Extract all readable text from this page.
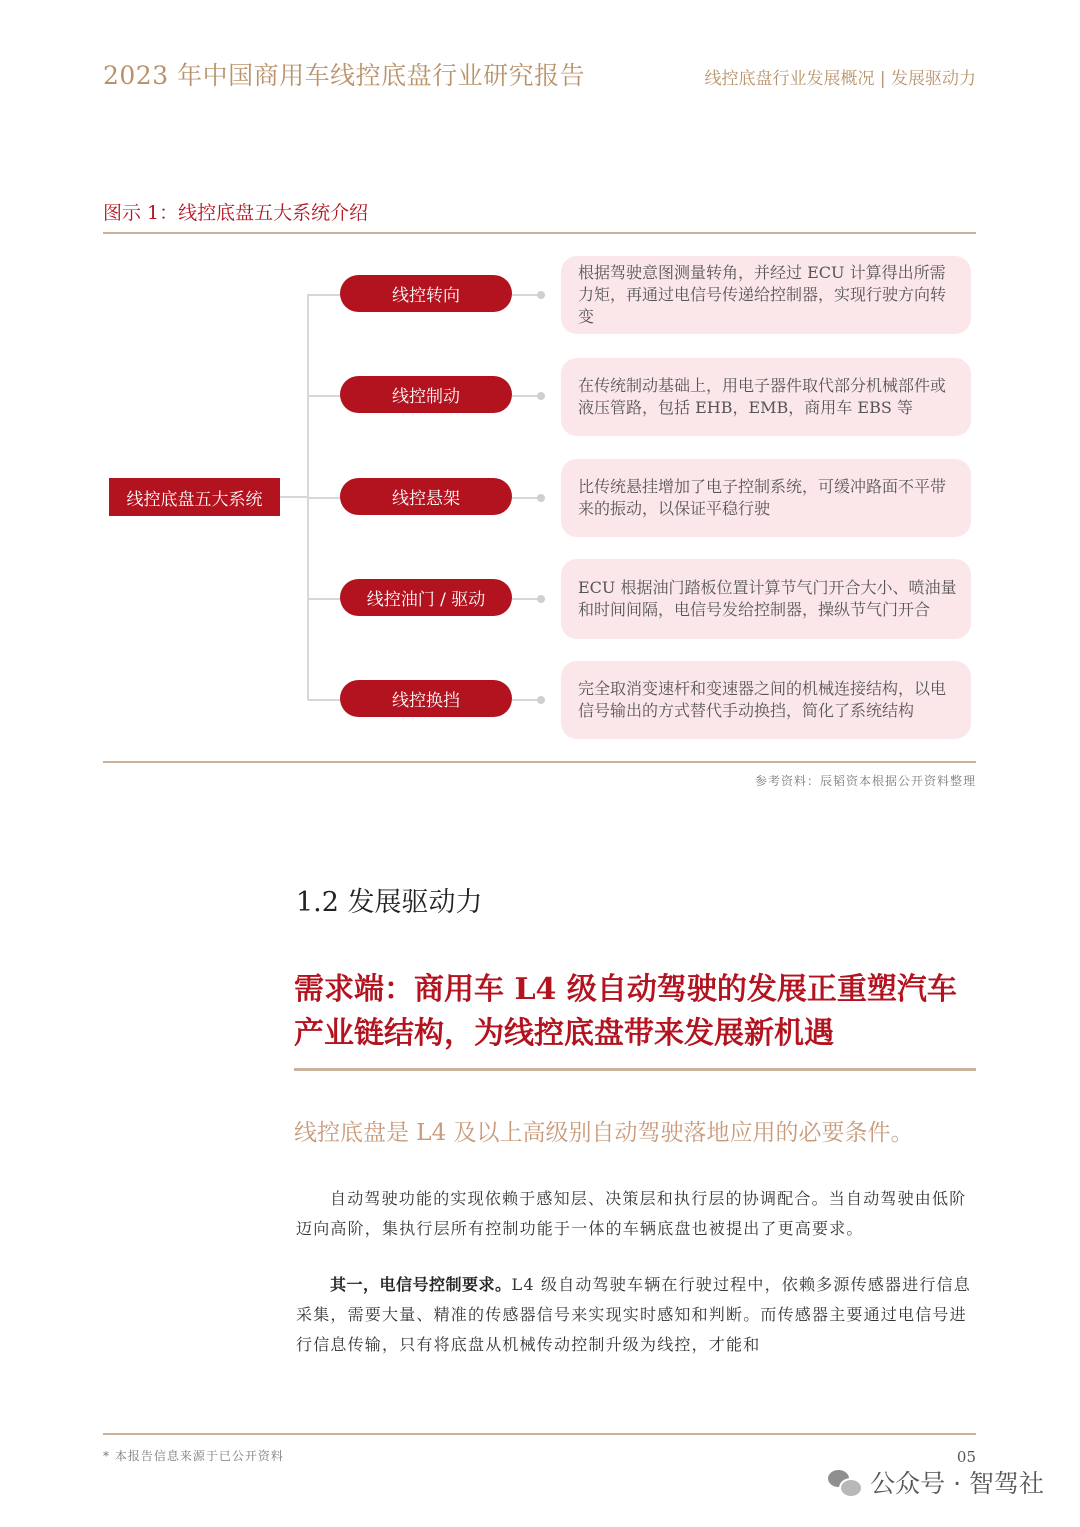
2023 年中国商用车线控底盘行业研究报告	线控底盘行业发展概况 | 发展驱动力
图示 1：线控底盘五大系统介绍
线控底盘五大系统
线控转向
根据驾驶意图测量转角，并经过 ECU 计算得出所需力矩，再通过电信号传递给控制器，实现行驶方向转变
线控制动
在传统制动基础上，用电子器件取代部分机械部件或液压管路，包括 EHB，EMB，商用车 EBS 等
线控悬架
比传统悬挂增加了电子控制系统，可缓冲路面不平带来的振动，以保证平稳行驶
线控油门 / 驱动
ECU 根据油门踏板位置计算节气门开合大小、喷油量和时间间隔，电信号发给控制器，操纵节气门开合
线控换挡
完全取消变速杆和变速器之间的机械连接结构，以电信号输出的方式替代手动换挡，简化了系统结构
参考资料：辰韬资本根据公开资料整理
1.2 发展驱动力
需求端：商用车 L4 级自动驾驶的发展正重塑汽车产业链结构，为线控底盘带来发展新机遇
线控底盘是 L4 及以上高级别自动驾驶落地应用的必要条件。
自动驾驶功能的实现依赖于感知层、决策层和执行层的协调配合。当自动驾驶由低阶迈向高阶，集执行层所有控制功能于一体的车辆底盘也被提出了更高要求。
其一，电信号控制要求。L4 级自动驾驶车辆在行驶过程中，依赖多源传感器进行信息采集，需要大量、精准的传感器信号来实现实时感知和判断。而传感器主要通过电信号进行信息传输，只有将底盘从机械传动控制升级为线控，才能和
* 本报告信息来源于已公开资料	05
公众号 · 智驾社
